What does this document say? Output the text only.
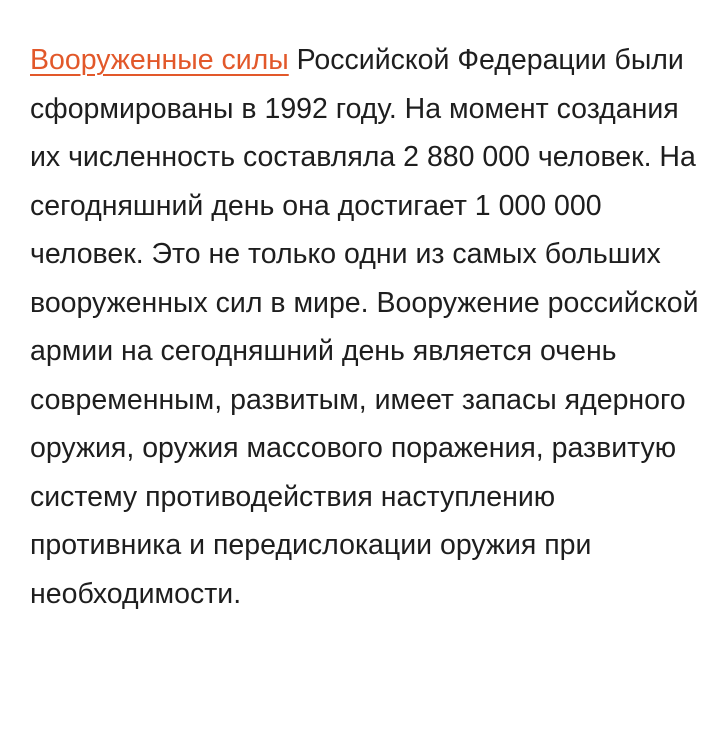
Вооруженные силы Российской Федерации были сформированы в 1992 году. На момент создания их численность составляла 2 880 000 человек. На сегодняшний день она достигает 1 000 000 человек. Это не только одни из самых больших вооруженных сил в мире. Вооружение российской армии на сегодняшний день является очень современным, развитым, имеет запасы ядерного оружия, оружия массового поражения, развитую систему противодействия наступлению противника и передислокации оружия при необходимости.
